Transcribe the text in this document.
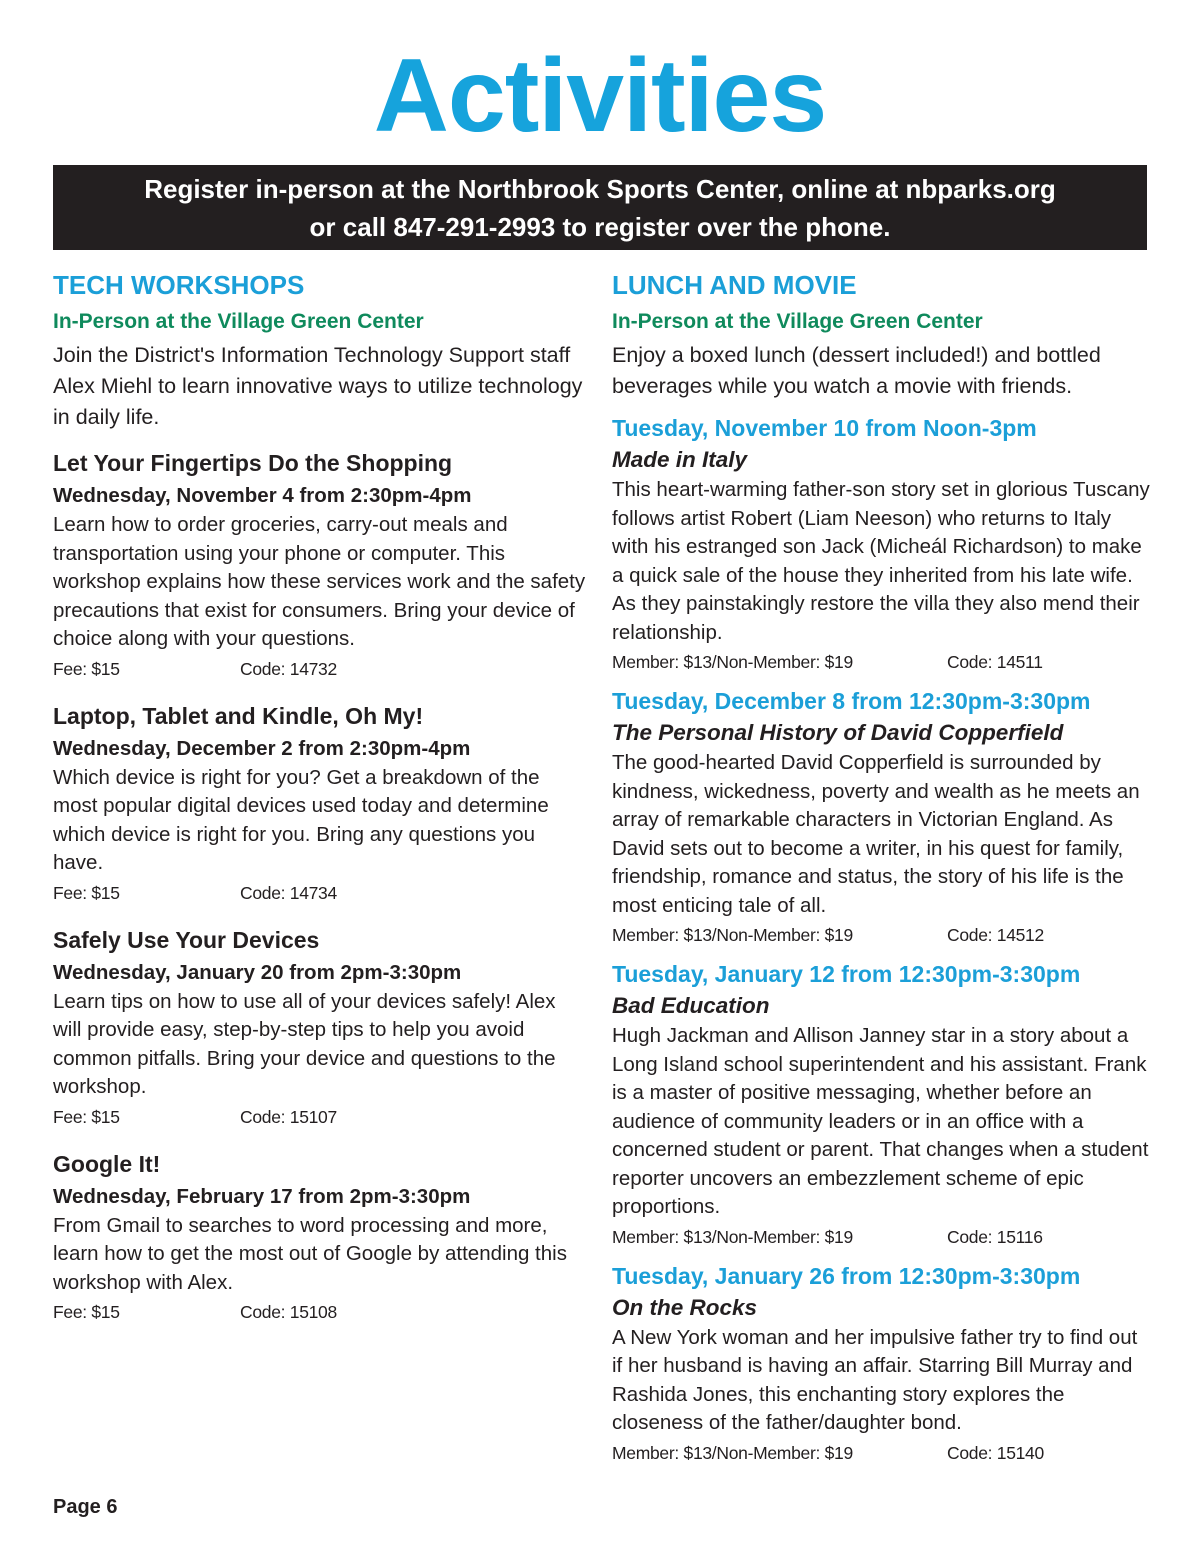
Activities
Register in-person at the Northbrook Sports Center, online at nbparks.org
or call 847-291-2993 to register over the phone.
TECH WORKSHOPS
In-Person at the Village Green Center

Join the District's Information Technology Support staff Alex Miehl to learn innovative ways to utilize technology in daily life.

Let Your Fingertips Do the Shopping
Wednesday, November 4 from 2:30pm-4pm

Learn how to order groceries, carry-out meals and transportation using your phone or computer. This workshop explains how these services work and the safety precautions that exist for consumers. Bring your device of choice along with your questions.

Fee: $15	Code: 14732
Laptop, Tablet and Kindle, Oh My!
Wednesday, December 2 from 2:30pm-4pm

Which device is right for you? Get a breakdown of the most popular digital devices used today and determine which device is right for you. Bring any questions you have.

Fee: $15	Code: 14734
Safely Use Your Devices
Wednesday, January 20 from 2pm-3:30pm

Learn tips on how to use all of your devices safely! Alex will provide easy, step-by-step tips to help you avoid common pitfalls. Bring your device and questions to the workshop.

Fee: $15	Code: 15107
Google It!
Wednesday, February 17 from 2pm-3:30pm

From Gmail to searches to word processing and more, learn how to get the most out of Google by attending this workshop with Alex.

Fee: $15	Code: 15108
LUNCH AND MOVIE
In-Person at the Village Green Center

Enjoy a boxed lunch (dessert included!) and bottled beverages while you watch a movie with friends.

Tuesday, November 10 from Noon-3pm
Made in Italy

This heart-warming father-son story set in glorious Tuscany follows artist Robert (Liam Neeson) who returns to Italy with his estranged son Jack (Micheál Richardson) to make a quick sale of the house they inherited from his late wife. As they painstakingly restore the villa they also mend their relationship.

Member: $13/Non-Member: $19	Code: 14511
Tuesday, December 8 from 12:30pm-3:30pm
The Personal History of David Copperfield

The good-hearted David Copperfield is surrounded by kindness, wickedness, poverty and wealth as he meets an array of remarkable characters in Victorian England. As David sets out to become a writer, in his quest for family, friendship, romance and status, the story of his life is the most enticing tale of all.

Member: $13/Non-Member: $19	Code: 14512
Tuesday, January 12 from 12:30pm-3:30pm
Bad Education

Hugh Jackman and Allison Janney star in a story about a Long Island school superintendent and his assistant. Frank is a master of positive messaging, whether before an audience of community leaders or in an office with a concerned student or parent. That changes when a student reporter uncovers an embezzlement scheme of epic proportions.

Member: $13/Non-Member: $19	Code: 15116
Tuesday, January 26 from 12:30pm-3:30pm
On the Rocks

A New York woman and her impulsive father try to find out if her husband is having an affair. Starring Bill Murray and Rashida Jones, this enchanting story explores the closeness of the father/daughter bond.

Member: $13/Non-Member: $19	Code: 15140
Page 6
